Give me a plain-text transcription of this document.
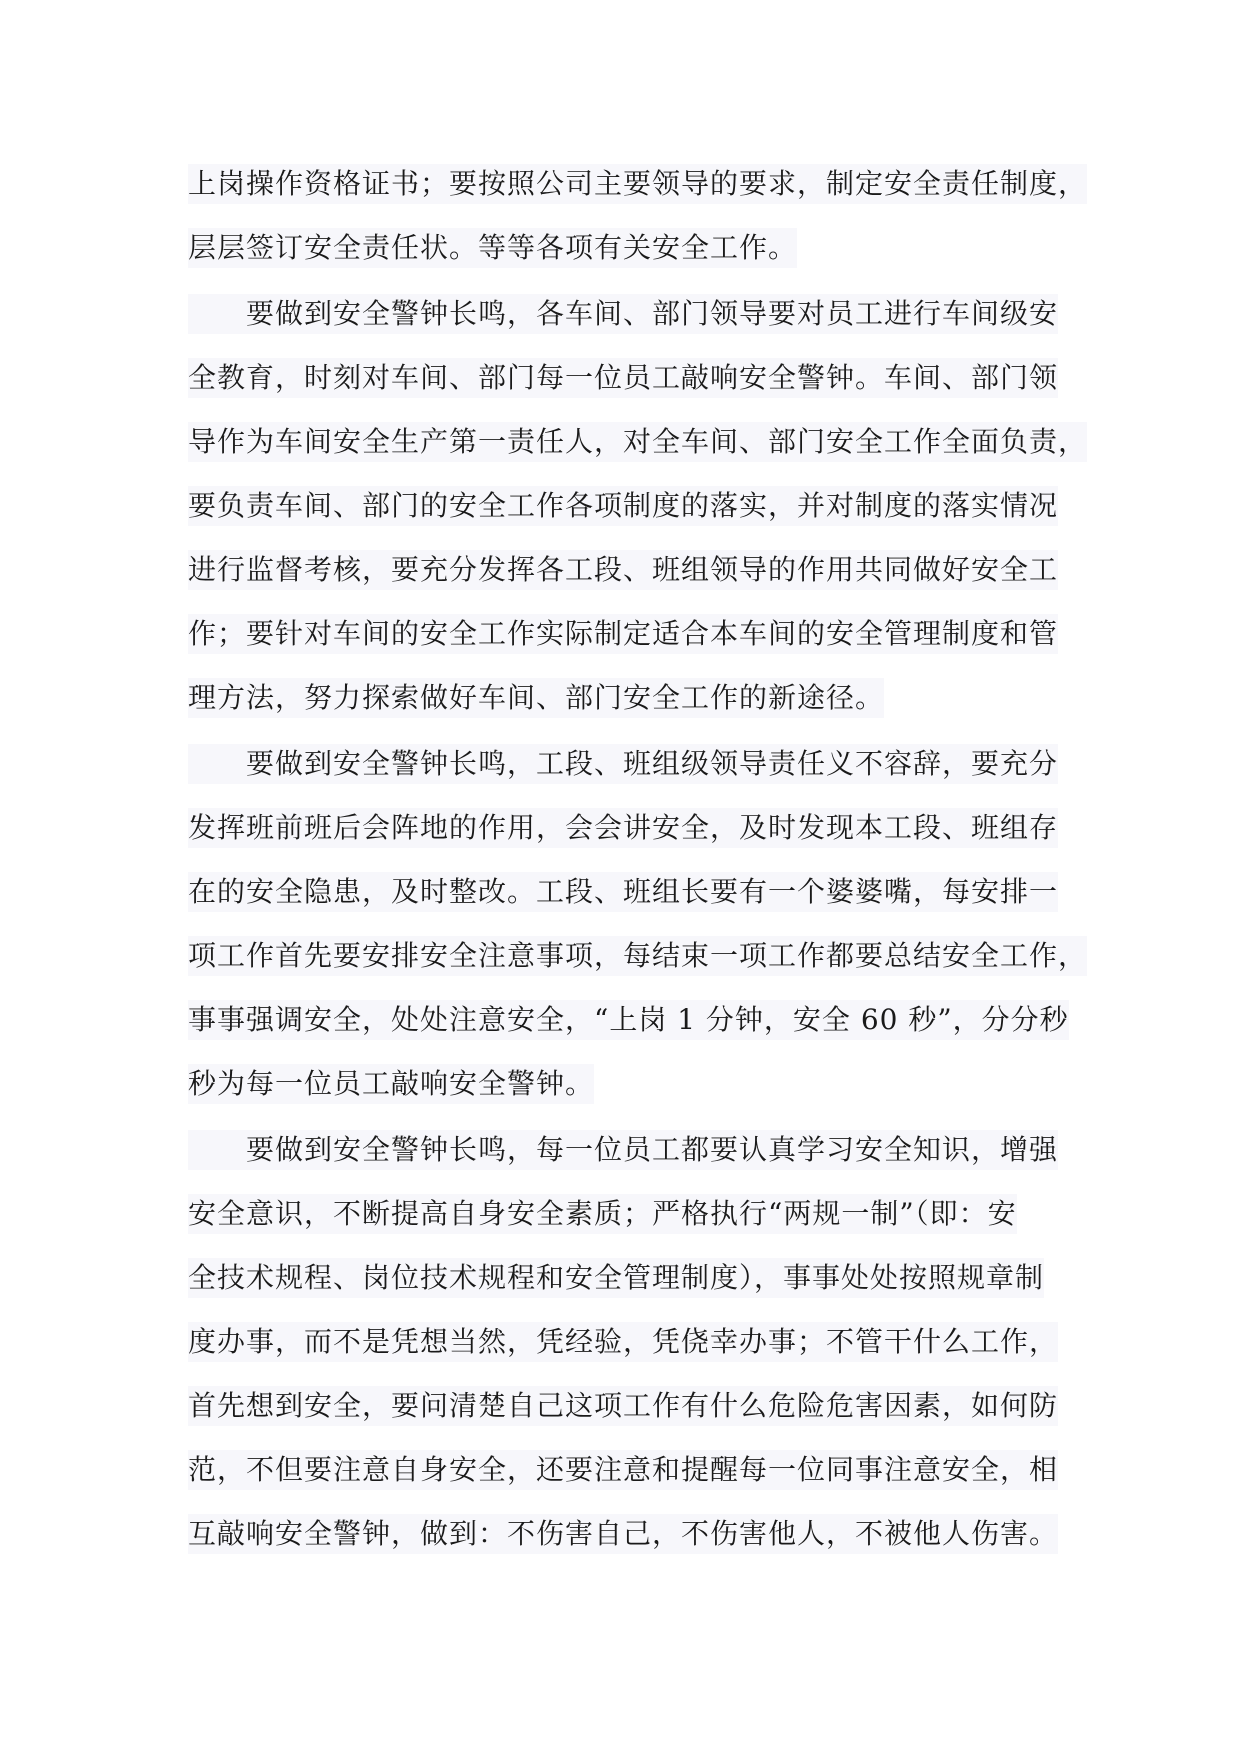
上岗操作资格证书；要按照公司主要领导的要求，制定安全责任制度，
层层签订安全责任状。等等各项有关安全工作。
要做到安全警钟长鸣，各车间、部门领导要对员工进行车间级安
全教育，时刻对车间、部门每一位员工敲响安全警钟。车间、部门领
导作为车间安全生产第一责任人，对全车间、部门安全工作全面负责，
要负责车间、部门的安全工作各项制度的落实，并对制度的落实情况
进行监督考核，要充分发挥各工段、班组领导的作用共同做好安全工
作；要针对车间的安全工作实际制定适合本车间的安全管理制度和管
理方法，努力探索做好车间、部门安全工作的新途径。
要做到安全警钟长鸣，工段、班组级领导责任义不容辞，要充分
发挥班前班后会阵地的作用，会会讲安全，及时发现本工段、班组存
在的安全隐患，及时整改。工段、班组长要有一个婆婆嘴，每安排一
项工作首先要安排安全注意事项，每结束一项工作都要总结安全工作，
事事强调安全，处处注意安全，“上岗 1 分钟，安全 60 秒”，分分秒
秒为每一位员工敲响安全警钟。
要做到安全警钟长鸣，每一位员工都要认真学习安全知识，增强
安全意识，不断提高自身安全素质；严格执行“两规一制”（即：安
全技术规程、岗位技术规程和安全管理制度），事事处处按照规章制
度办事，而不是凭想当然，凭经验，凭侥幸办事；不管干什么工作，
首先想到安全，要问清楚自己这项工作有什么危险危害因素，如何防
范，不但要注意自身安全，还要注意和提醒每一位同事注意安全，相
互敲响安全警钟，做到：不伤害自己，不伤害他人，不被他人伤害。
